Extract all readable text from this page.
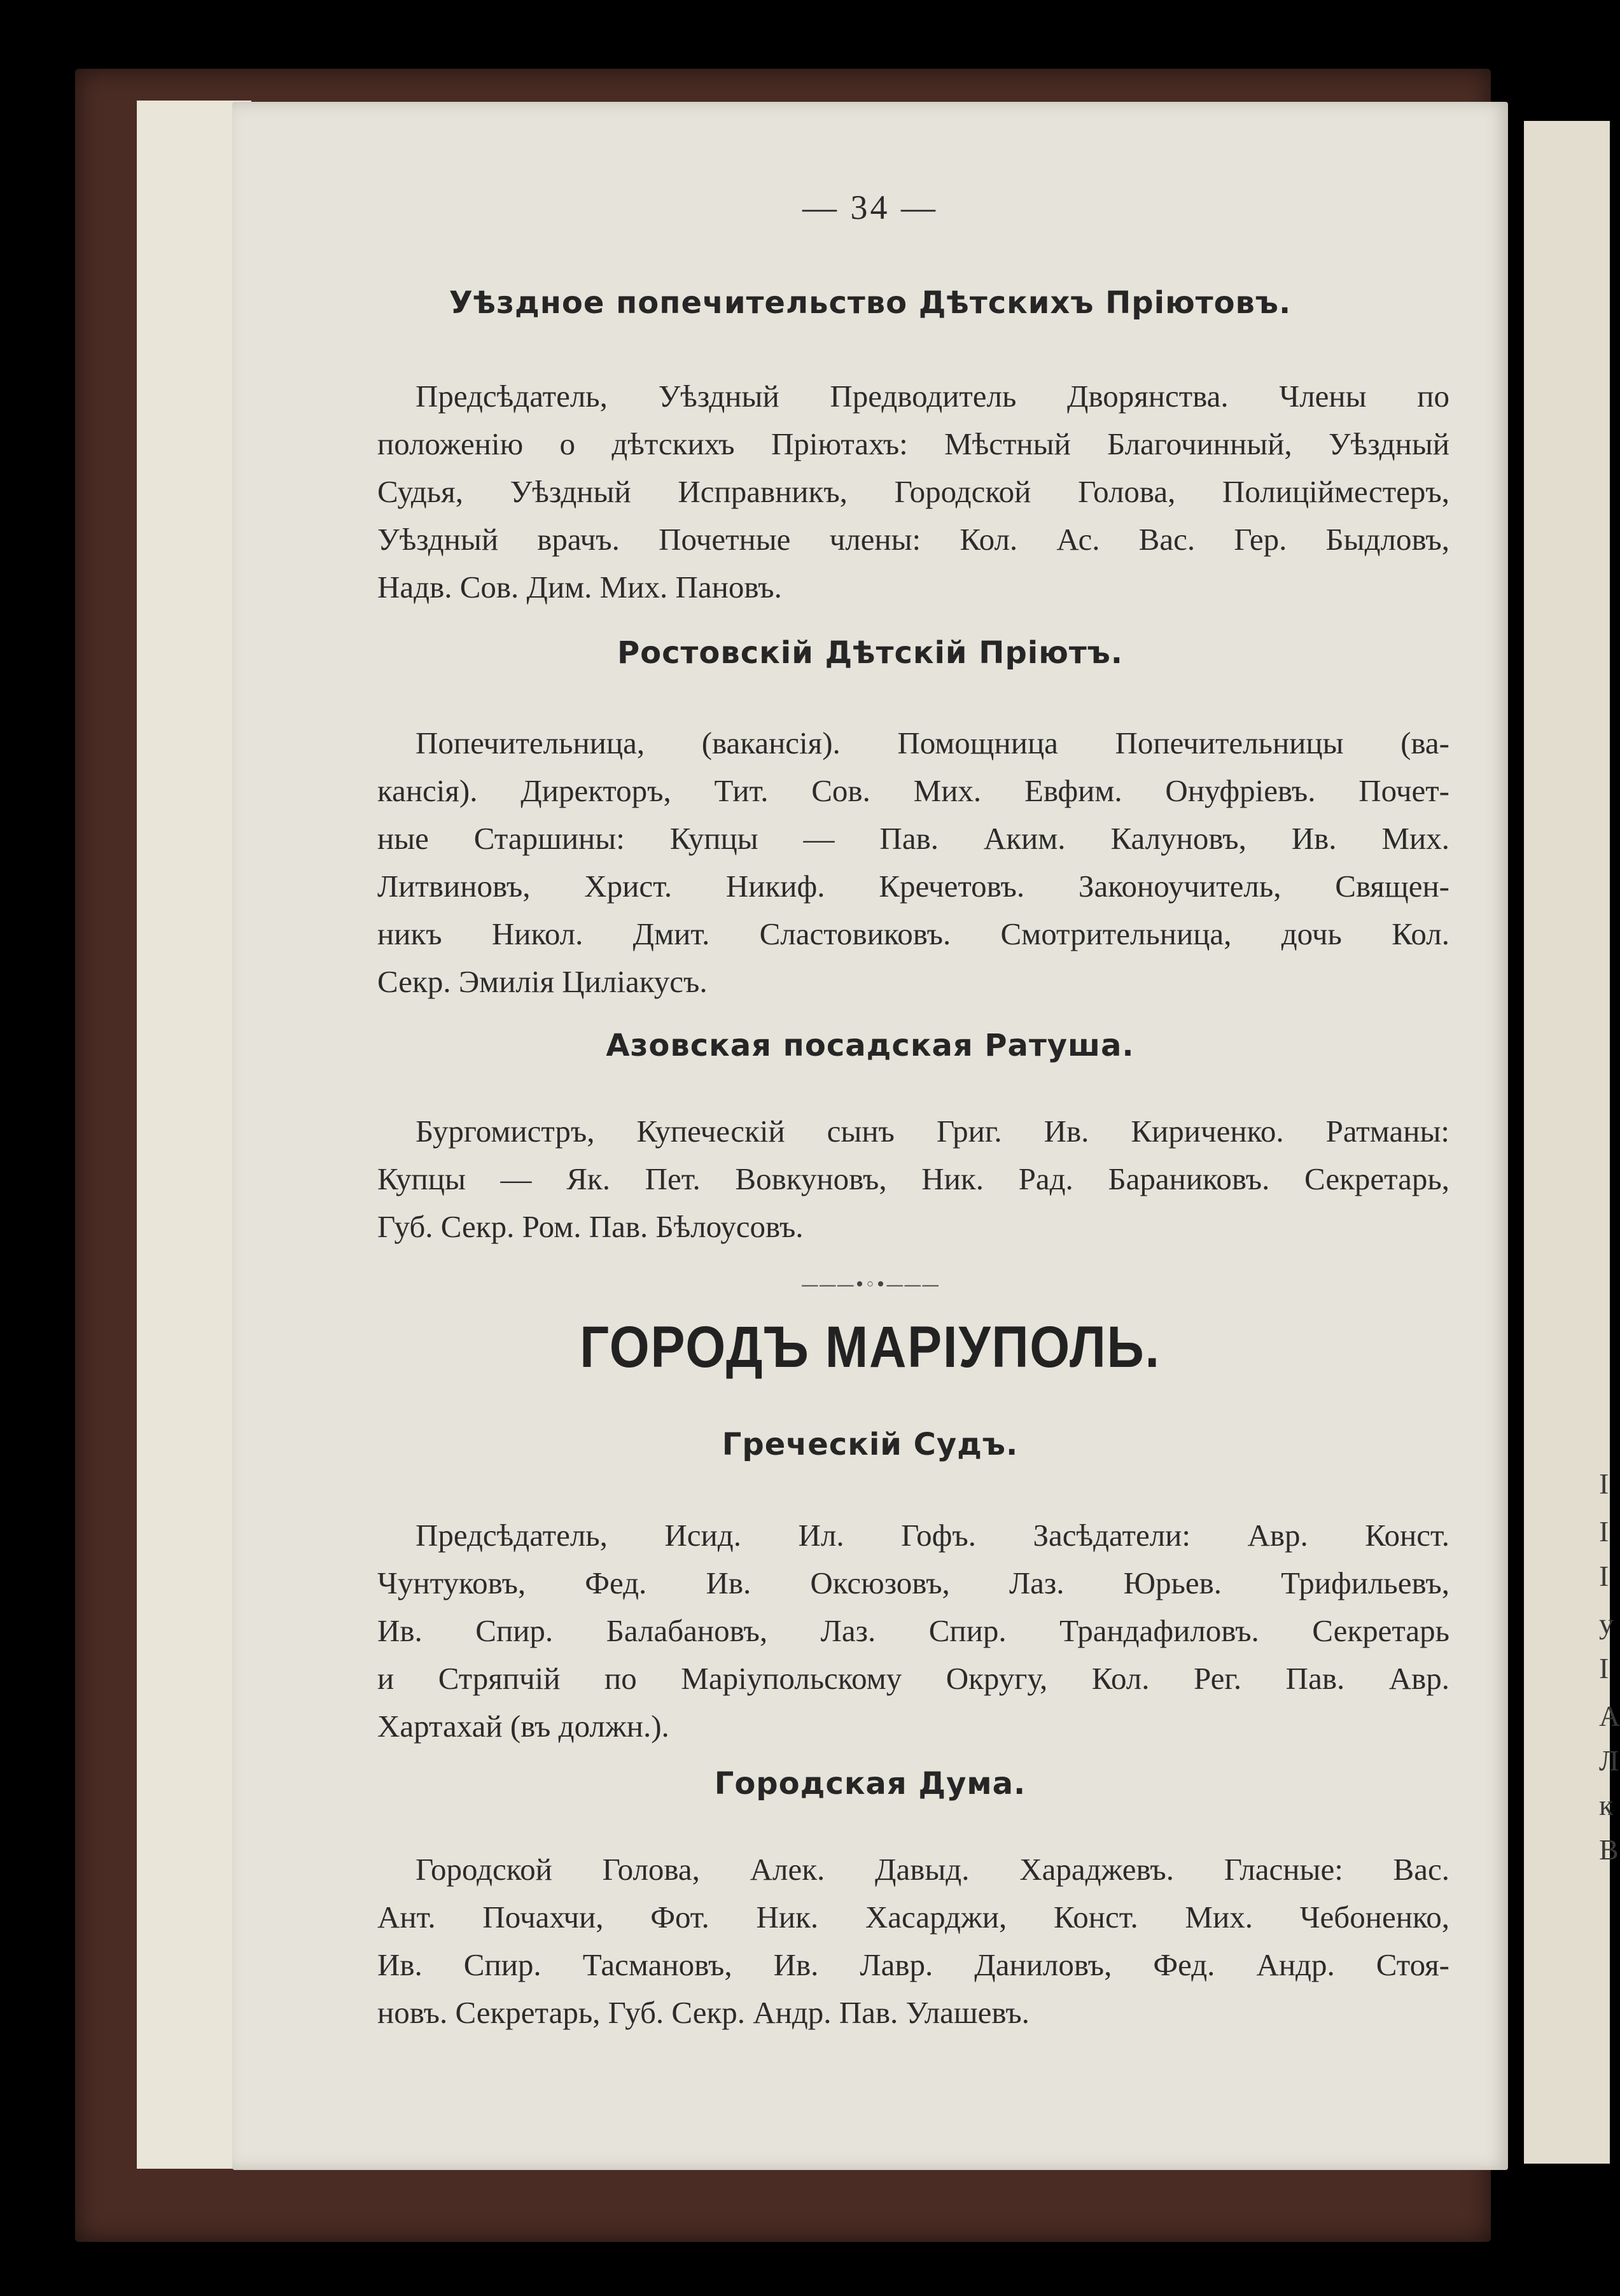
I
I
I
у
I
А
Л
к
В
— 34 —
Уѣздное попечительство Дѣтскихъ Пріютовъ.
Предсѣдатель, Уѣздный Предводитель Дворянства. Члены по
положенію о дѣтскихъ Пріютахъ: Мѣстный Благочинный, Уѣздный
Судья, Уѣздный Исправникъ, Городской Голова, Полиційместеръ,
Уѣздный врачъ. Почетные члены: Кол. Ас. Вас. Гер. Быдловъ,
Надв. Сов. Дим. Мих. Пановъ.
Ростовскій Дѣтскій Пріютъ.
Попечительница, (вакансія). Помощница Попечительницы (ва-
кансія). Директоръ, Тит. Сов. Мих. Евфим. Онуфріевъ. Почет-
ные Старшины: Купцы — Пав. Аким. Калуновъ, Ив. Мих.
Литвиновъ, Христ. Никиф. Кречетовъ. Законоучитель, Священ-
никъ Никол. Дмит. Сластовиковъ. Смотрительница, дочь Кол.
Секр. Эмилія Цилiакусъ.
Азовская посадская Ратуша.
Бургомистръ, Купеческій сынъ Григ. Ив. Кириченко. Ратманы:
Купцы — Як. Пет. Вовкуновъ, Ник. Рад. Бараниковъ. Секретарь,
Губ. Секр. Ром. Пав. Бѣлоусовъ.
———•◦•———
ГОРОДЪ МАРІУПОЛЬ.
Греческій Судъ.
Предсѣдатель, Исид. Ил. Гофъ. Засѣдатели: Авр. Конст.
Чунтуковъ, Фед. Ив. Оксюзовъ, Лаз. Юрьев. Трифильевъ,
Ив. Спир. Балабановъ, Лаз. Спир. Трандафиловъ. Секретарь
и Стряпчій по Маріупольскому Округу, Кол. Рег. Пав. Авр.
Хартахай (въ должн.).
Городская Дума.
Городской Голова, Алек. Давыд. Хараджевъ. Гласные: Вас.
Ант. Почахчи, Фот. Ник. Хасарджи, Конст. Мих. Чебоненко,
Ив. Спир. Тасмановъ, Ив. Лавр. Даниловъ, Фед. Андр. Стоя-
новъ. Секретарь, Губ. Секр. Андр. Пав. Улашевъ.
